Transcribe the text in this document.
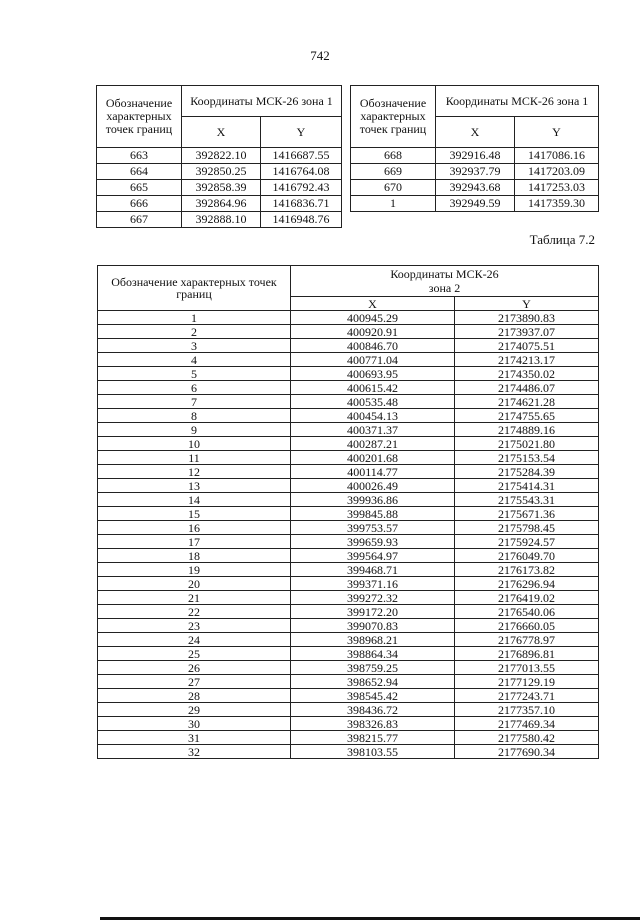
742
Обозначение характерных точек границ	Координаты МСК-26 зона 1	
	X	Y
663	392822.10	1416687.55
664	392850.25	1416764.08
665	392858.39	1416792.43
666	392864.96	1416836.71
667	392888.10	1416948.76
Обозначение характерных точек границ	Координаты МСК-26 зона 1	
	X	Y
668	392916.48	1417086.16
669	392937.79	1417203.09
670	392943.68	1417253.03
1	392949.59	1417359.30
Таблица 7.2
Обозначение характерных точек границ	Координаты МСК-26
зона 2	
	X	Y
1	400945.29	2173890.83
2	400920.91	2173937.07
3	400846.70	2174075.51
4	400771.04	2174213.17
5	400693.95	2174350.02
6	400615.42	2174486.07
7	400535.48	2174621.28
8	400454.13	2174755.65
9	400371.37	2174889.16
10	400287.21	2175021.80
11	400201.68	2175153.54
12	400114.77	2175284.39
13	400026.49	2175414.31
14	399936.86	2175543.31
15	399845.88	2175671.36
16	399753.57	2175798.45
17	399659.93	2175924.57
18	399564.97	2176049.70
19	399468.71	2176173.82
20	399371.16	2176296.94
21	399272.32	2176419.02
22	399172.20	2176540.06
23	399070.83	2176660.05
24	398968.21	2176778.97
25	398864.34	2176896.81
26	398759.25	2177013.55
27	398652.94	2177129.19
28	398545.42	2177243.71
29	398436.72	2177357.10
30	398326.83	2177469.34
31	398215.77	2177580.42
32	398103.55	2177690.34
